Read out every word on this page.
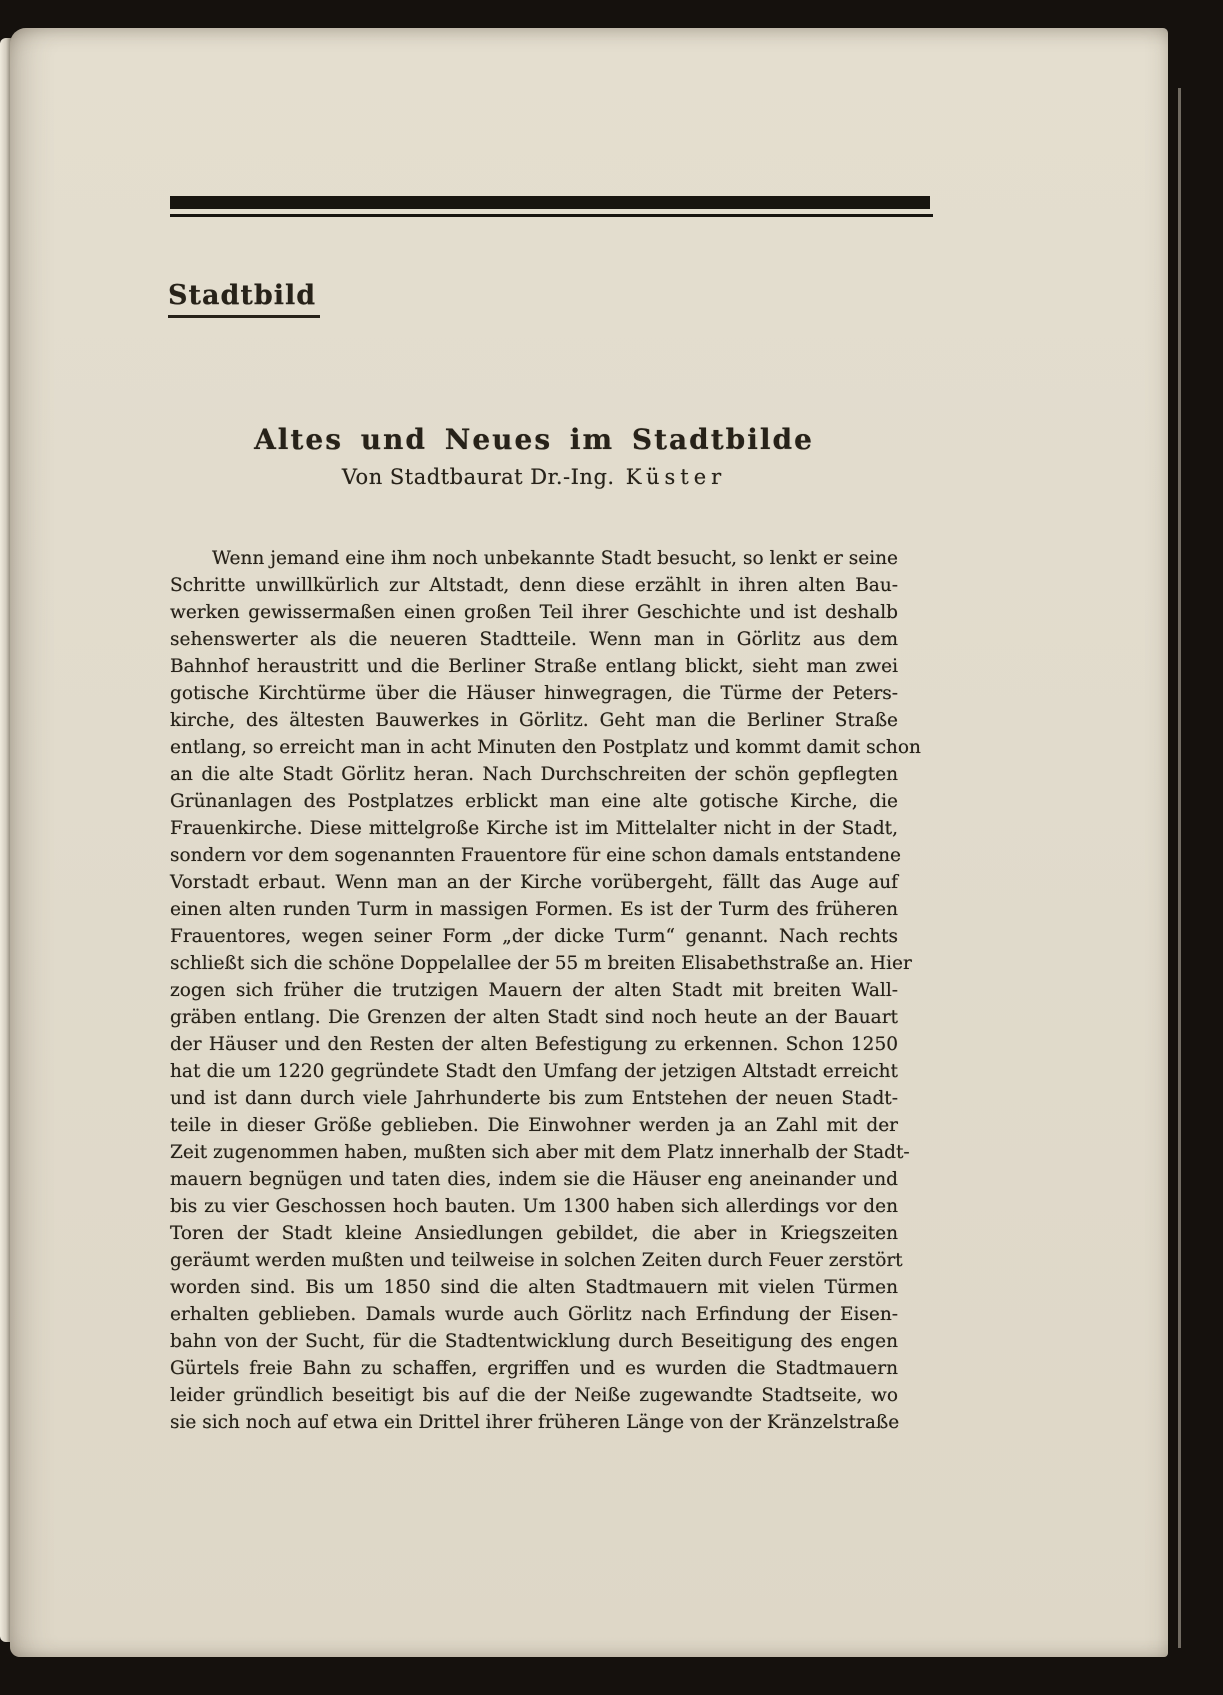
Stadtbild
Altes und Neues im Stadtbilde
Von Stadtbaurat Dr.-Ing. Küster
Wenn jemand eine ihm noch unbekannte Stadt besucht, so lenkt er seine
Schritte unwillkürlich zur Altstadt, denn diese erzählt in ihren alten Bau-
werken gewissermaßen einen großen Teil ihrer Geschichte und ist deshalb
sehenswerter als die neueren Stadtteile. Wenn man in Görlitz aus dem
Bahnhof heraustritt und die Berliner Straße entlang blickt, sieht man zwei
gotische Kirchtürme über die Häuser hinwegragen, die Türme der Peters-
kirche, des ältesten Bauwerkes in Görlitz. Geht man die Berliner Straße
entlang, so erreicht man in acht Minuten den Postplatz und kommt damit schon
an die alte Stadt Görlitz heran. Nach Durchschreiten der schön gepflegten
Grünanlagen des Postplatzes erblickt man eine alte gotische Kirche, die
Frauenkirche. Diese mittelgroße Kirche ist im Mittelalter nicht in der Stadt,
sondern vor dem sogenannten Frauentore für eine schon damals entstandene
Vorstadt erbaut. Wenn man an der Kirche vorübergeht, fällt das Auge auf
einen alten runden Turm in massigen Formen. Es ist der Turm des früheren
Frauentores, wegen seiner Form „der dicke Turm“ genannt. Nach rechts
schließt sich die schöne Doppelallee der 55 m breiten Elisabethstraße an. Hier
zogen sich früher die trutzigen Mauern der alten Stadt mit breiten Wall-
gräben entlang. Die Grenzen der alten Stadt sind noch heute an der Bauart
der Häuser und den Resten der alten Befestigung zu erkennen. Schon 1250
hat die um 1220 gegründete Stadt den Umfang der jetzigen Altstadt erreicht
und ist dann durch viele Jahrhunderte bis zum Entstehen der neuen Stadt-
teile in dieser Größe geblieben. Die Einwohner werden ja an Zahl mit der
Zeit zugenommen haben, mußten sich aber mit dem Platz innerhalb der Stadt-
mauern begnügen und taten dies, indem sie die Häuser eng aneinander und
bis zu vier Geschossen hoch bauten. Um 1300 haben sich allerdings vor den
Toren der Stadt kleine Ansiedlungen gebildet, die aber in Kriegszeiten
geräumt werden mußten und teilweise in solchen Zeiten durch Feuer zerstört
worden sind. Bis um 1850 sind die alten Stadtmauern mit vielen Türmen
erhalten geblieben. Damals wurde auch Görlitz nach Erfindung der Eisen-
bahn von der Sucht, für die Stadtentwicklung durch Beseitigung des engen
Gürtels freie Bahn zu schaffen, ergriffen und es wurden die Stadtmauern
leider gründlich beseitigt bis auf die der Neiße zugewandte Stadtseite, wo
sie sich noch auf etwa ein Drittel ihrer früheren Länge von der Kränzelstraße
